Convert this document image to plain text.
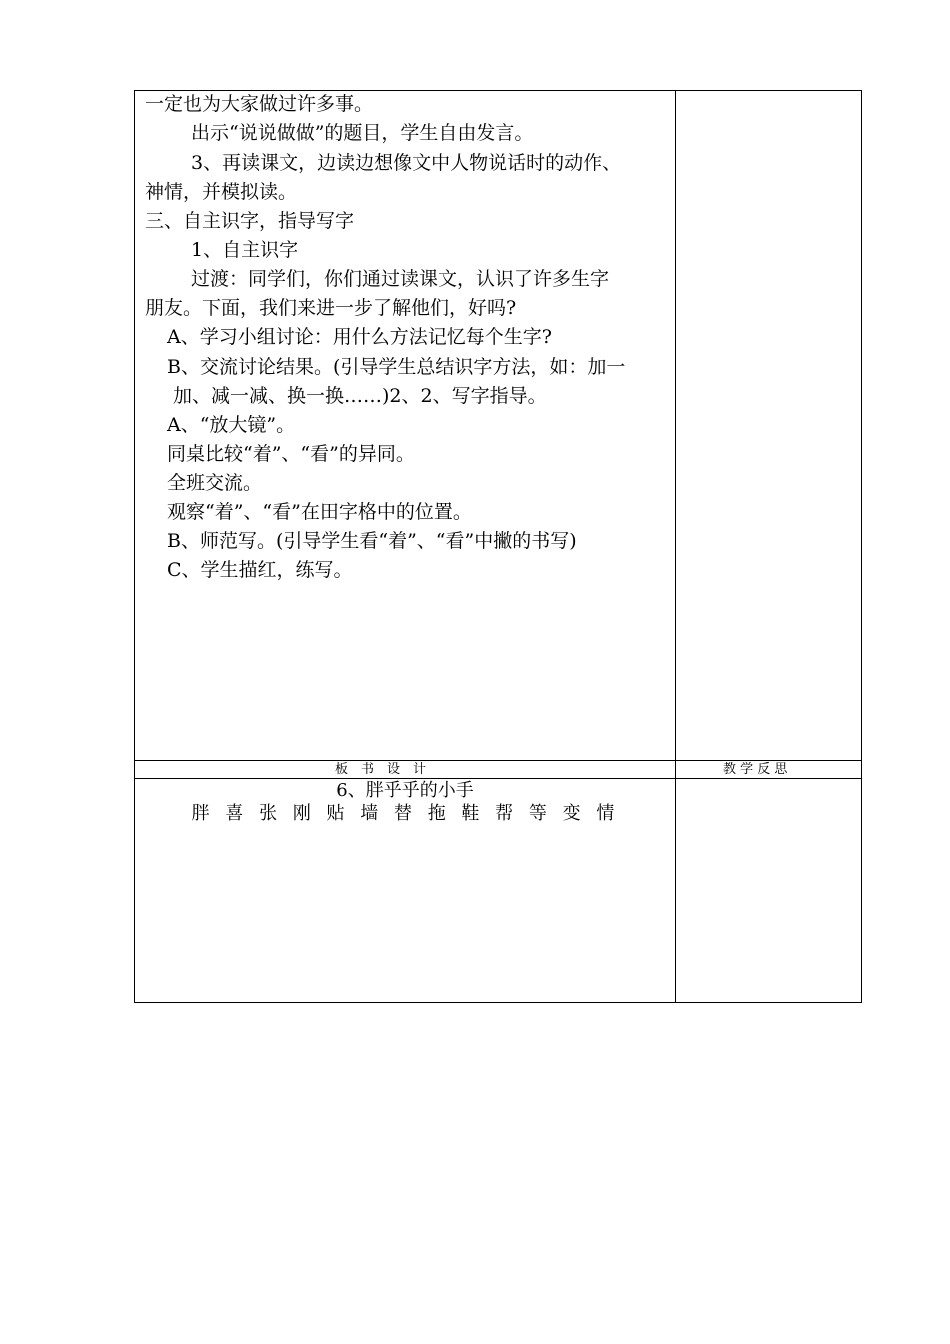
一定也为大家做过许多事。
出示“说说做做”的题目，学生自由发言。
3、再读课文，边读边想像文中人物说话时的动作、
神情，并模拟读。
三、自主识字，指导写字
1、自主识字
过渡：同学们，你们通过读课文，认识了许多生字
朋友。下面，我们来进一步了解他们，好吗?
A、学习小组讨论：用什么方法记忆每个生字?
B、交流讨论结果。(引导学生总结识字方法，如：加一
加、减一减、换一换……)2、2、写字指导。
A、“放大镜”。
同桌比较“着”、“看”的异同。
全班交流。
观察“着”、“看”在田字格中的位置。
B、师范写。(引导学生看“着”、“看”中撇的书写)
C、学生描红，练写。
板　书　设　计	教 学 反 思
6、胖乎乎的小手
胖 喜 张 刚 贴 墙 替 拖 鞋 帮 等 变 情
